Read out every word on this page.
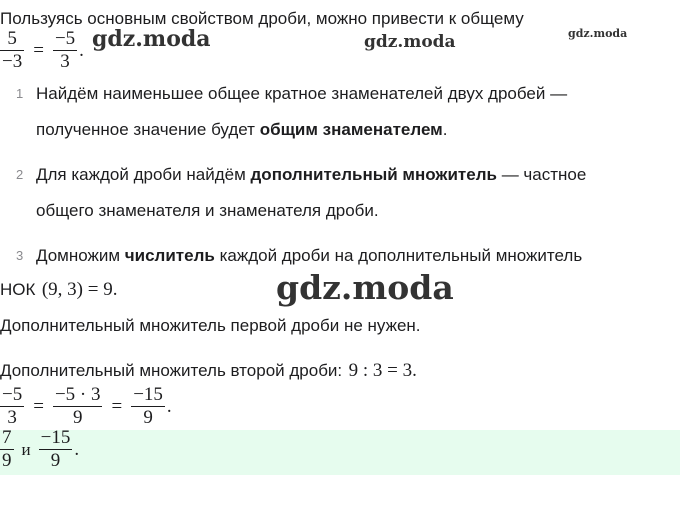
Пользуясь основным свойством дроби, можно привести к общему
$\frac{5}{-3} = \frac{-5}{3}$ . gdz.moda	gdz.moda	gdz.moda
gdz.moda
1 Найдём наименьшее общее кратное знаменателей двух дробей —
полученное значение будет общим знаменателем.
2 Для каждой дроби найдём дополнительный множитель — частное
общего знаменателя и знаменателя дроби.
3 Домножим числитель каждой дроби на дополнительный множитель
НОК (9, 3) = 9.
Дополнительный множитель первой дроби не нужен.
Дополнительный множитель второй дроби: 9 : 3 = 3.
$\frac{-5}{3} = \frac{-5 \cdot 3}{9} = \frac{-15}{9}$ .
$\frac{7}{9}$ и $\frac{-15}{9}$ .
